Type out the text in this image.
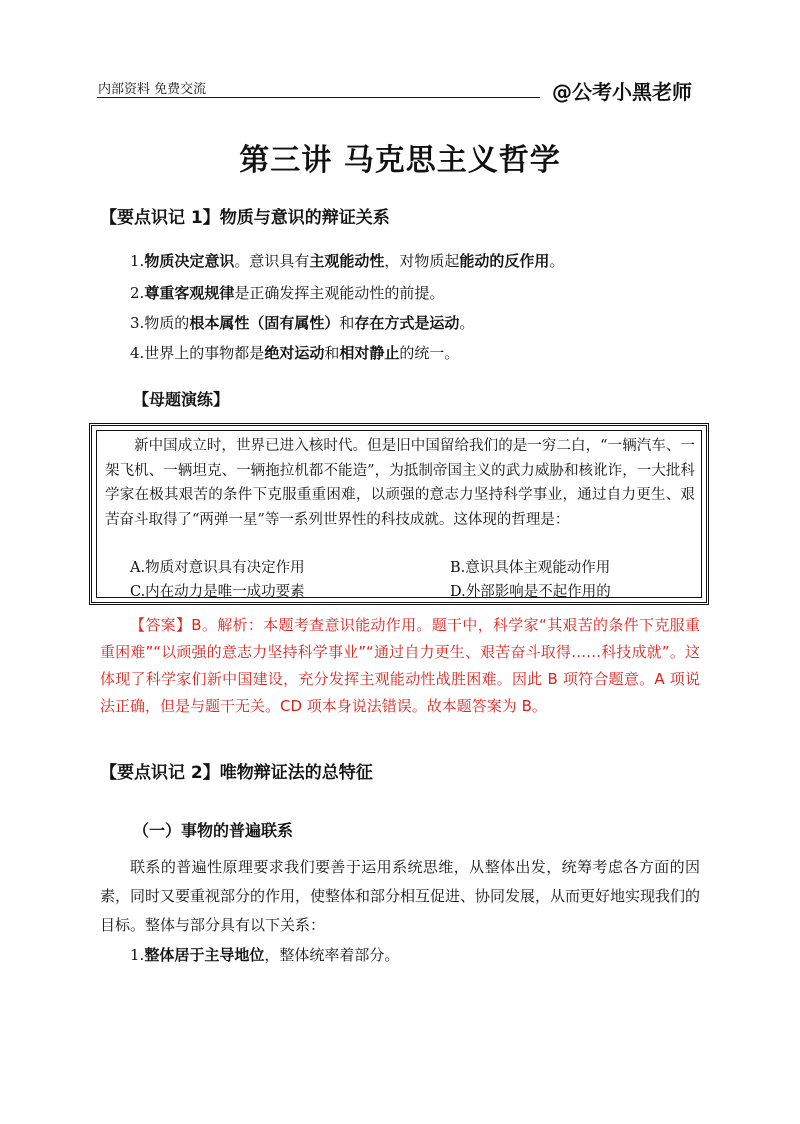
内部资料 免费交流	@公考小黑老师
第三讲 马克思主义哲学
【要点识记 1】物质与意识的辩证关系
1.物质决定意识。意识具有主观能动性，对物质起能动的反作用。
2.尊重客观规律是正确发挥主观能动性的前提。
3.物质的根本属性（固有属性）和存在方式是运动。
4.世界上的事物都是绝对运动和相对静止的统一。
【母题演练】
新中国成立时，世界已进入核时代。但是旧中国留给我们的是一穷二白，“一辆汽车、一架飞机、一辆坦克、一辆拖拉机都不能造”，为抵制帝国主义的武力威胁和核讹诈，一大批科学家在极其艰苦的条件下克服重重困难，以顽强的意志力坚持科学事业，通过自力更生、艰苦奋斗取得了“两弹一星”等一系列世界性的科技成就。这体现的哲理是：
A.物质对意识具有决定作用	B.意识具体主观能动作用
C.内在动力是唯一成功要素	D.外部影响是不起作用的
【答案】B。解析：本题考查意识能动作用。题干中，科学家“其艰苦的条件下克服重重困难”“以顽强的意志力坚持科学事业”“通过自力更生、艰苦奋斗取得……科技成就”。这体现了科学家们新中国建设，充分发挥主观能动性战胜困难。因此 B 项符合题意。A 项说法正确，但是与题干无关。CD 项本身说法错误。故本题答案为 B。
【要点识记 2】唯物辩证法的总特征
（一）事物的普遍联系
联系的普遍性原理要求我们要善于运用系统思维，从整体出发，统筹考虑各方面的因素，同时又要重视部分的作用，使整体和部分相互促进、协同发展，从而更好地实现我们的目标。整体与部分具有以下关系：
1.整体居于主导地位，整体统率着部分。
